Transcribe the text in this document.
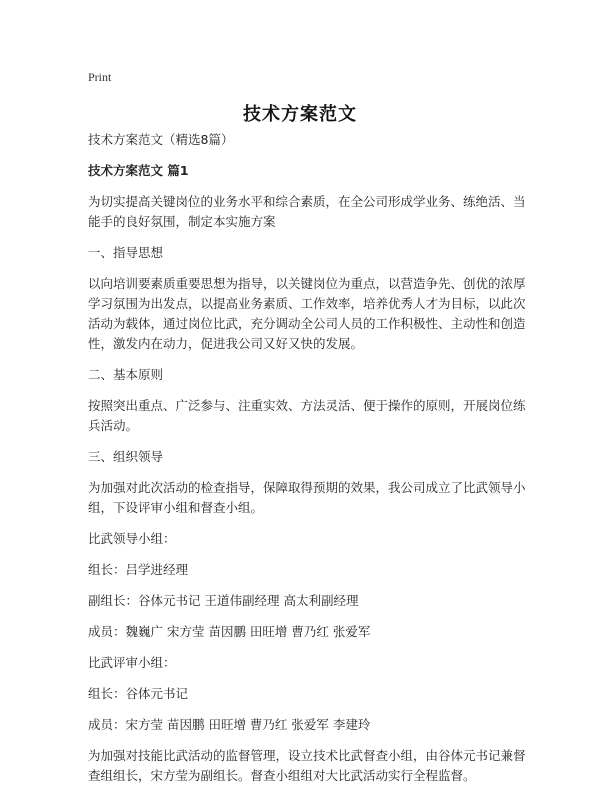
Print
技术方案范文

技术方案范文（精选8篇）

技术方案范文 篇1

为切实提高关键岗位的业务水平和综合素质，在全公司形成学业务、练绝活、当能手的良好氛围，制定本实施方案

一、指导思想

以向培训要素质重要思想为指导，以关键岗位为重点，以营造争先、创优的浓厚学习氛围为出发点，以提高业务素质、工作效率，培养优秀人才为目标，以此次活动为载体，通过岗位比武，充分调动全公司人员的工作积极性、主动性和创造性，激发内在动力，促进我公司又好又快的发展。

二、基本原则

按照突出重点、广泛参与、注重实效、方法灵活、便于操作的原则，开展岗位练兵活动。

三、组织领导

为加强对此次活动的检查指导，保障取得预期的效果，我公司成立了比武领导小组，下设评审小组和督查小组。

比武领导小组：

组长：吕学进经理

副组长：谷体元书记 王道伟副经理 高太利副经理

成员：魏巍广 宋方莹 苗因鹏 田旺增 曹乃红 张爱军

比武评审小组：

组长：谷体元书记

成员：宋方莹 苗因鹏 田旺增 曹乃红 张爱军 李建玲

为加强对技能比武活动的监督管理，设立技术比武督查小组，由谷体元书记兼督查组组长，宋方莹为副组长。督查小组组对大比武活动实行全程监督。
